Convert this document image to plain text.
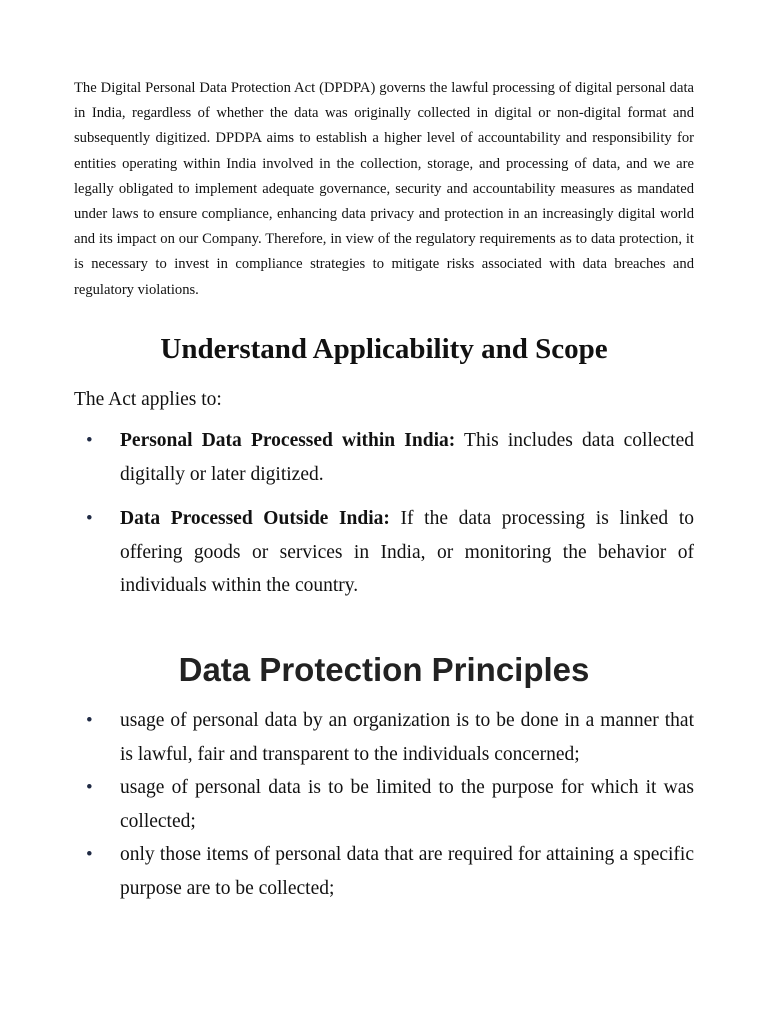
The Digital Personal Data Protection Act (DPDPA) governs the lawful processing of digital personal data in India, regardless of whether the data was originally collected in digital or non-digital format and subsequently digitized. DPDPA aims to establish a higher level of accountability and responsibility for entities operating within India involved in the collection, storage, and processing of data, and we are legally obligated to implement adequate governance, security and accountability measures as mandated under laws to ensure compliance, enhancing data privacy and protection in an increasingly digital world and its impact on our Company. Therefore, in view of the regulatory requirements as to data protection, it is necessary to invest in compliance strategies to mitigate risks associated with data breaches and regulatory violations.

Understand Applicability and Scope

The Act applies to:

• Personal Data Processed within India: This includes data collected digitally or later digitized.
• Data Processed Outside India: If the data processing is linked to offering goods or services in India, or monitoring the behavior of individuals within the country.
Data Protection Principles
• usage of personal data by an organization is to be done in a manner that is lawful, fair and transparent to the individuals concerned;
• usage of personal data is to be limited to the purpose for which it was collected;
• only those items of personal data that are required for attaining a specific purpose are to be collected;
